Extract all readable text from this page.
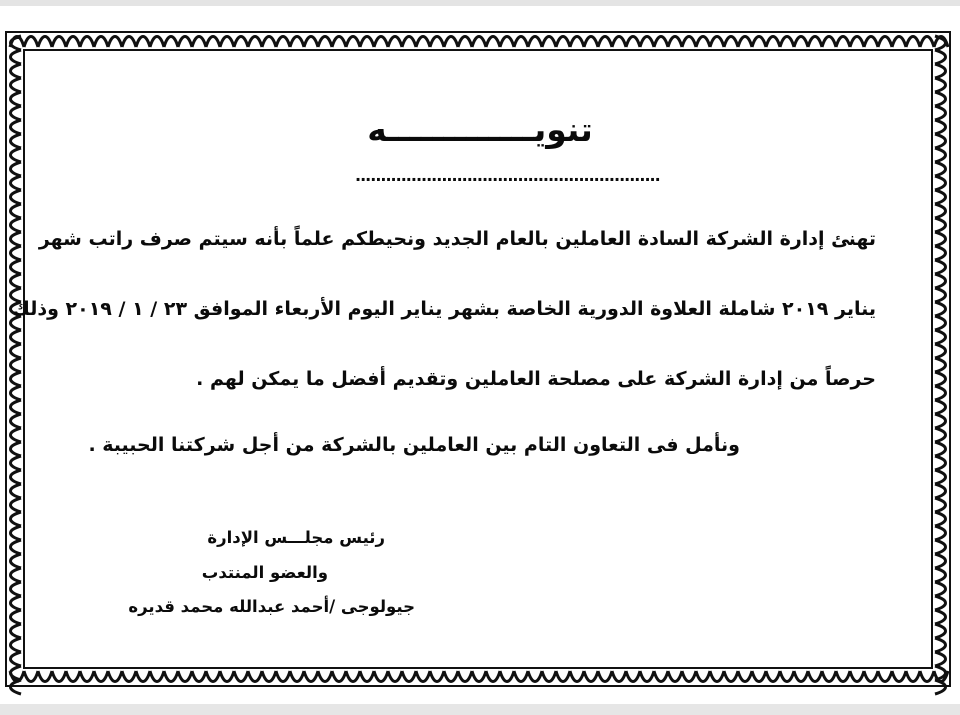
تنويـــــــــــــه
............................................................
تهنئ إدارة الشركة السادة العاملين بالعام الجديد ونحيطكم علماً بأنه سيتم صرف راتب شهر
يناير ٢٠١٩ شاملة العلاوة الدورية الخاصة بشهر يناير اليوم الأربعاء الموافق ٢٣ / ١ / ٢٠١٩ وذلك
حرصاً من إدارة الشركة على مصلحة العاملين وتقديم أفضل ما يمكن لهم .
ونأمل فى التعاون التام بين العاملين بالشركة من أجل شركتنا الحبيبة .
رئيس مجلـــس الإدارة
والعضو المنتدب
جيولوجى /أحمد عبدالله محمد قديره
